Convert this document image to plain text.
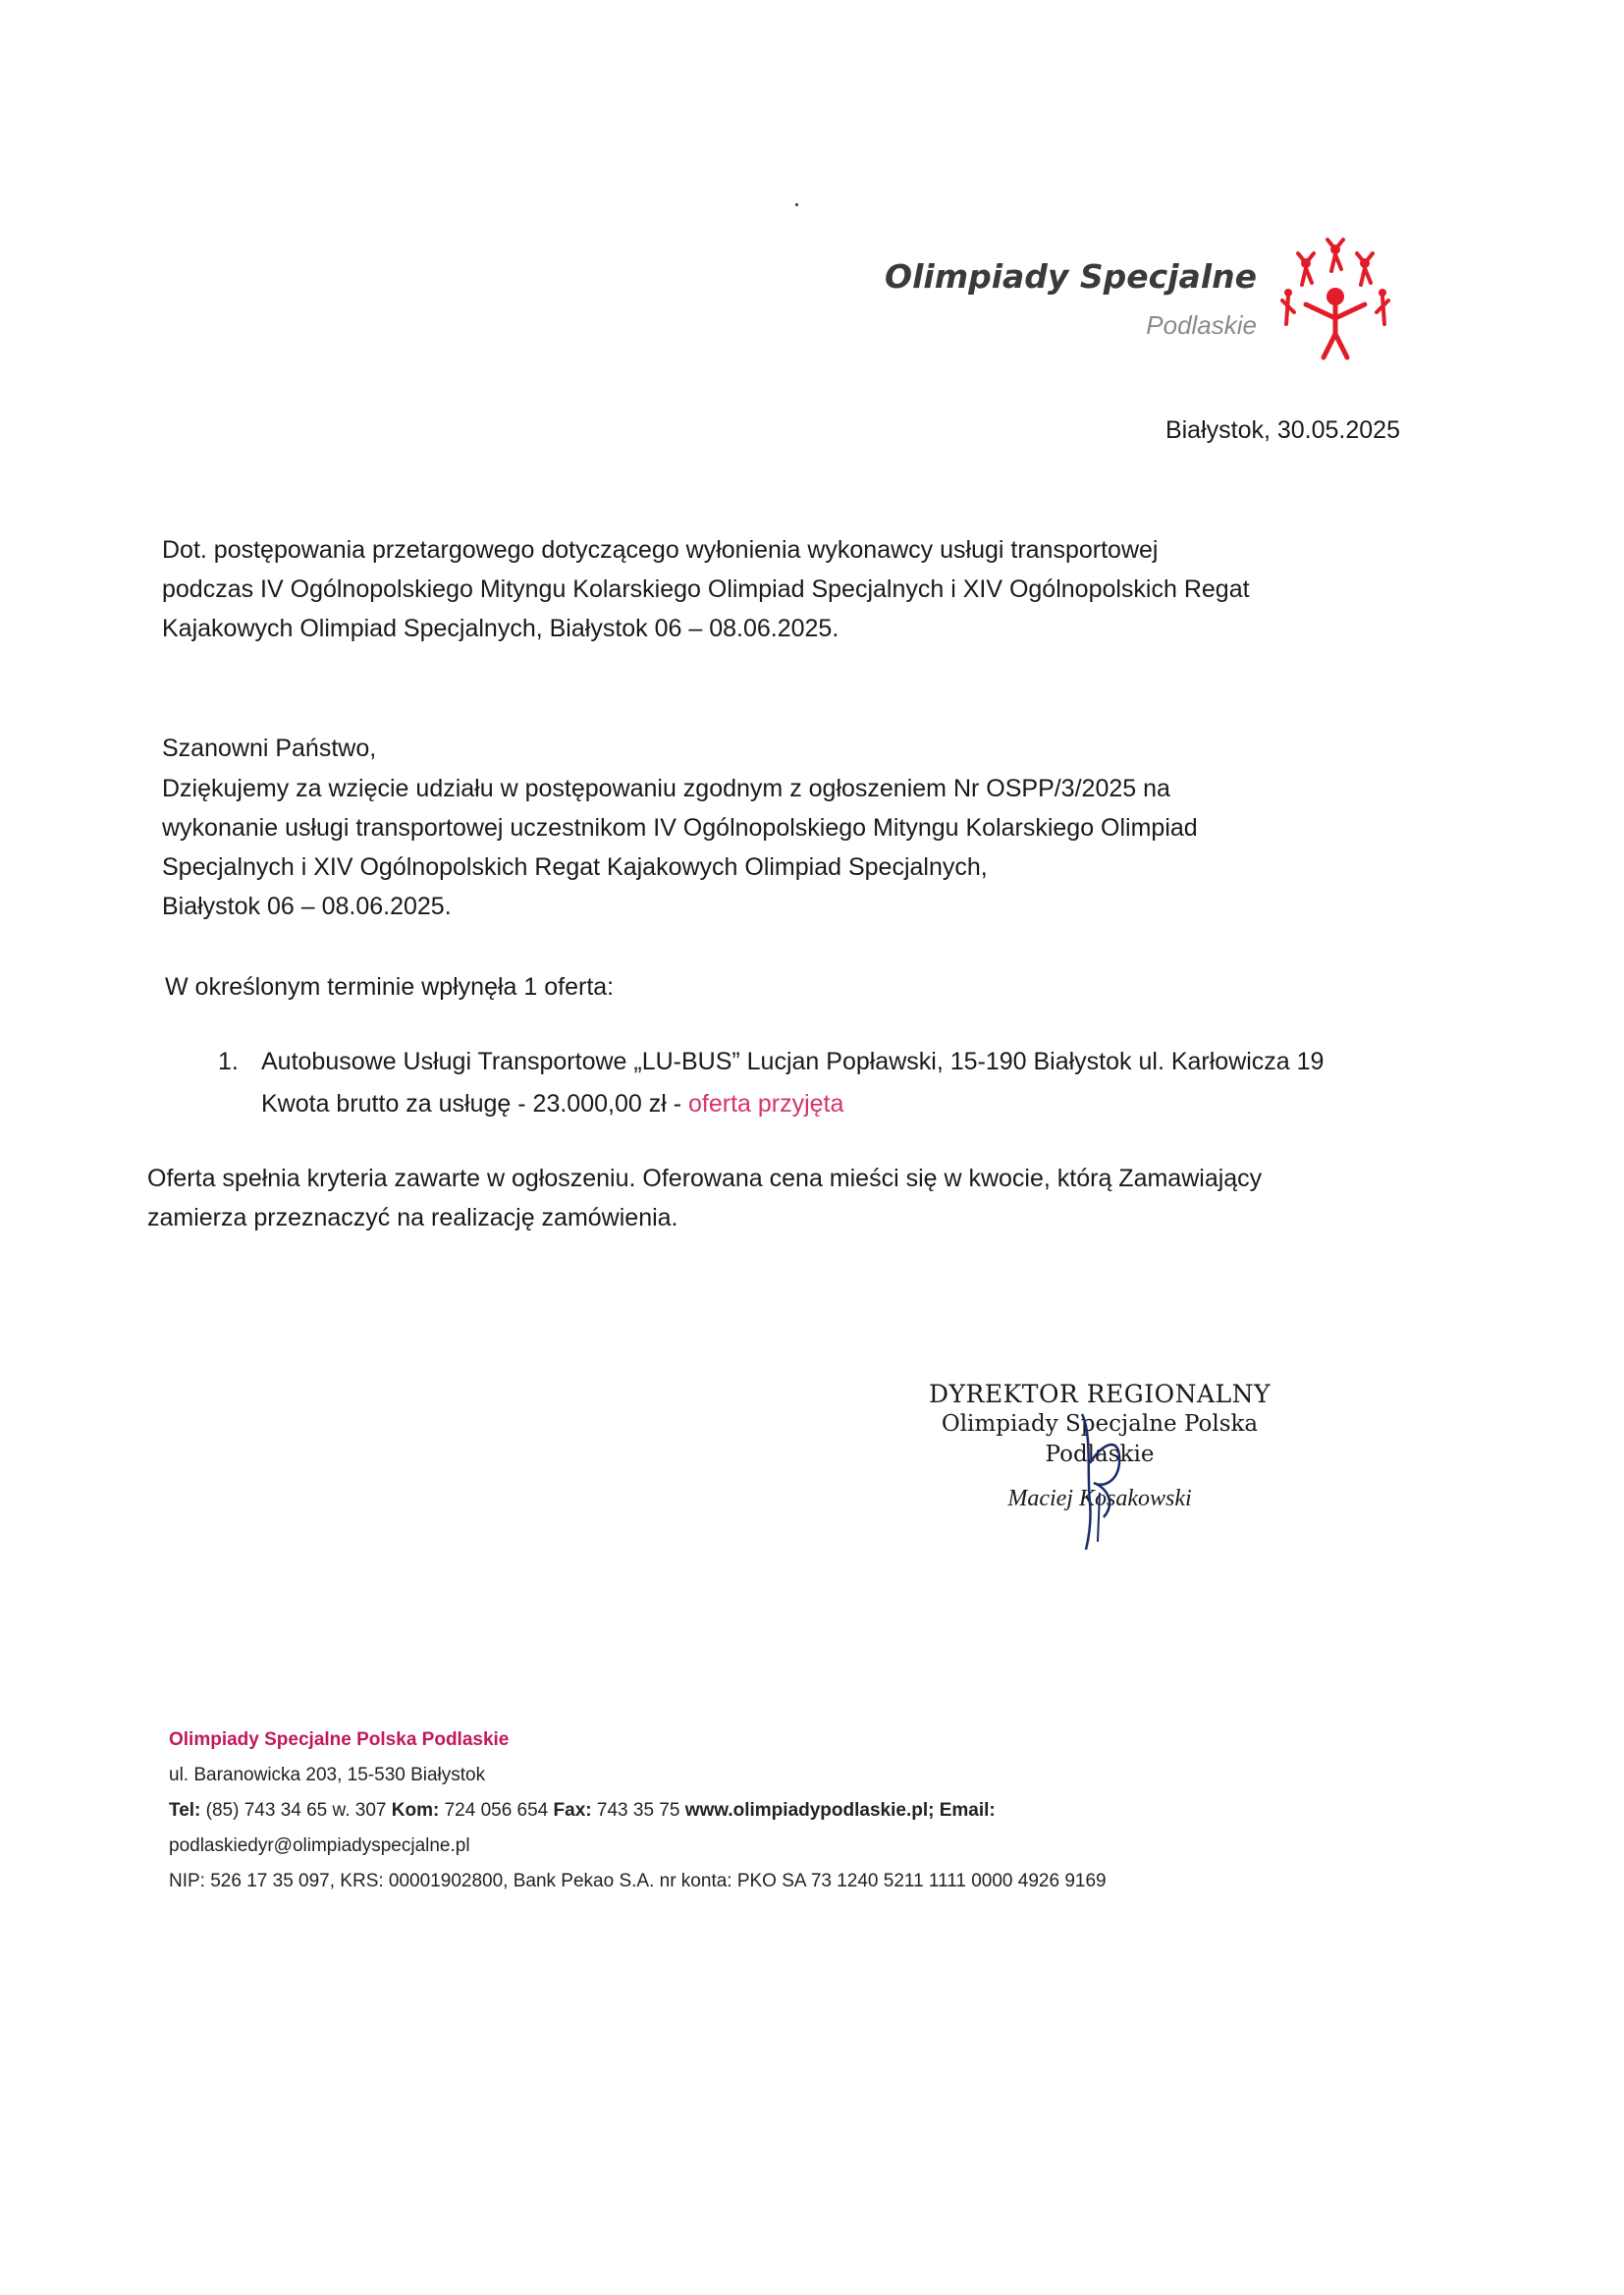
Olimpiady Specjalne
Podlaskie
Białystok, 30.05.2025
Dot. postępowania przetargowego dotyczącego wyłonienia wykonawcy usługi transportowej
podczas IV Ogólnopolskiego Mityngu Kolarskiego Olimpiad Specjalnych i XIV Ogólnopolskich Regat
Kajakowych Olimpiad Specjalnych, Białystok 06 – 08.06.2025.
Szanowni Państwo,
Dziękujemy za wzięcie udziału w postępowaniu zgodnym z ogłoszeniem Nr OSPP/3/2025 na
wykonanie usługi transportowej uczestnikom IV Ogólnopolskiego Mityngu Kolarskiego Olimpiad
Specjalnych i XIV Ogólnopolskich Regat Kajakowych Olimpiad Specjalnych,
Białystok 06 – 08.06.2025.
W określonym terminie wpłynęła 1 oferta:
1. Autobusowe Usługi Transportowe „LU-BUS” Lucjan Popławski, 15-190 Białystok ul. Karłowicza 19
Kwota brutto za usługę - 23.000,00 zł - oferta przyjęta
Oferta spełnia kryteria zawarte w ogłoszeniu. Oferowana cena mieści się w kwocie, którą Zamawiający
zamierza przeznaczyć na realizację zamówienia.
DYREKTOR REGIONALNY
Olimpiady Specjalne Polska
Podlaskie
Maciej Kosakowski
Olimpiady Specjalne Polska Podlaskie
ul. Baranowicka 203, 15-530 Białystok
Tel: (85) 743 34 65 w. 307 Kom: 724 056 654 Fax: 743 35 75 www.olimpiadypodlaskie.pl; Email:
podlaskiedyr@olimpiadyspecjalne.pl
NIP: 526 17 35 097, KRS: 00001902800, Bank Pekao S.A. nr konta: PKO SA 73 1240 5211 1111 0000 4926 9169
